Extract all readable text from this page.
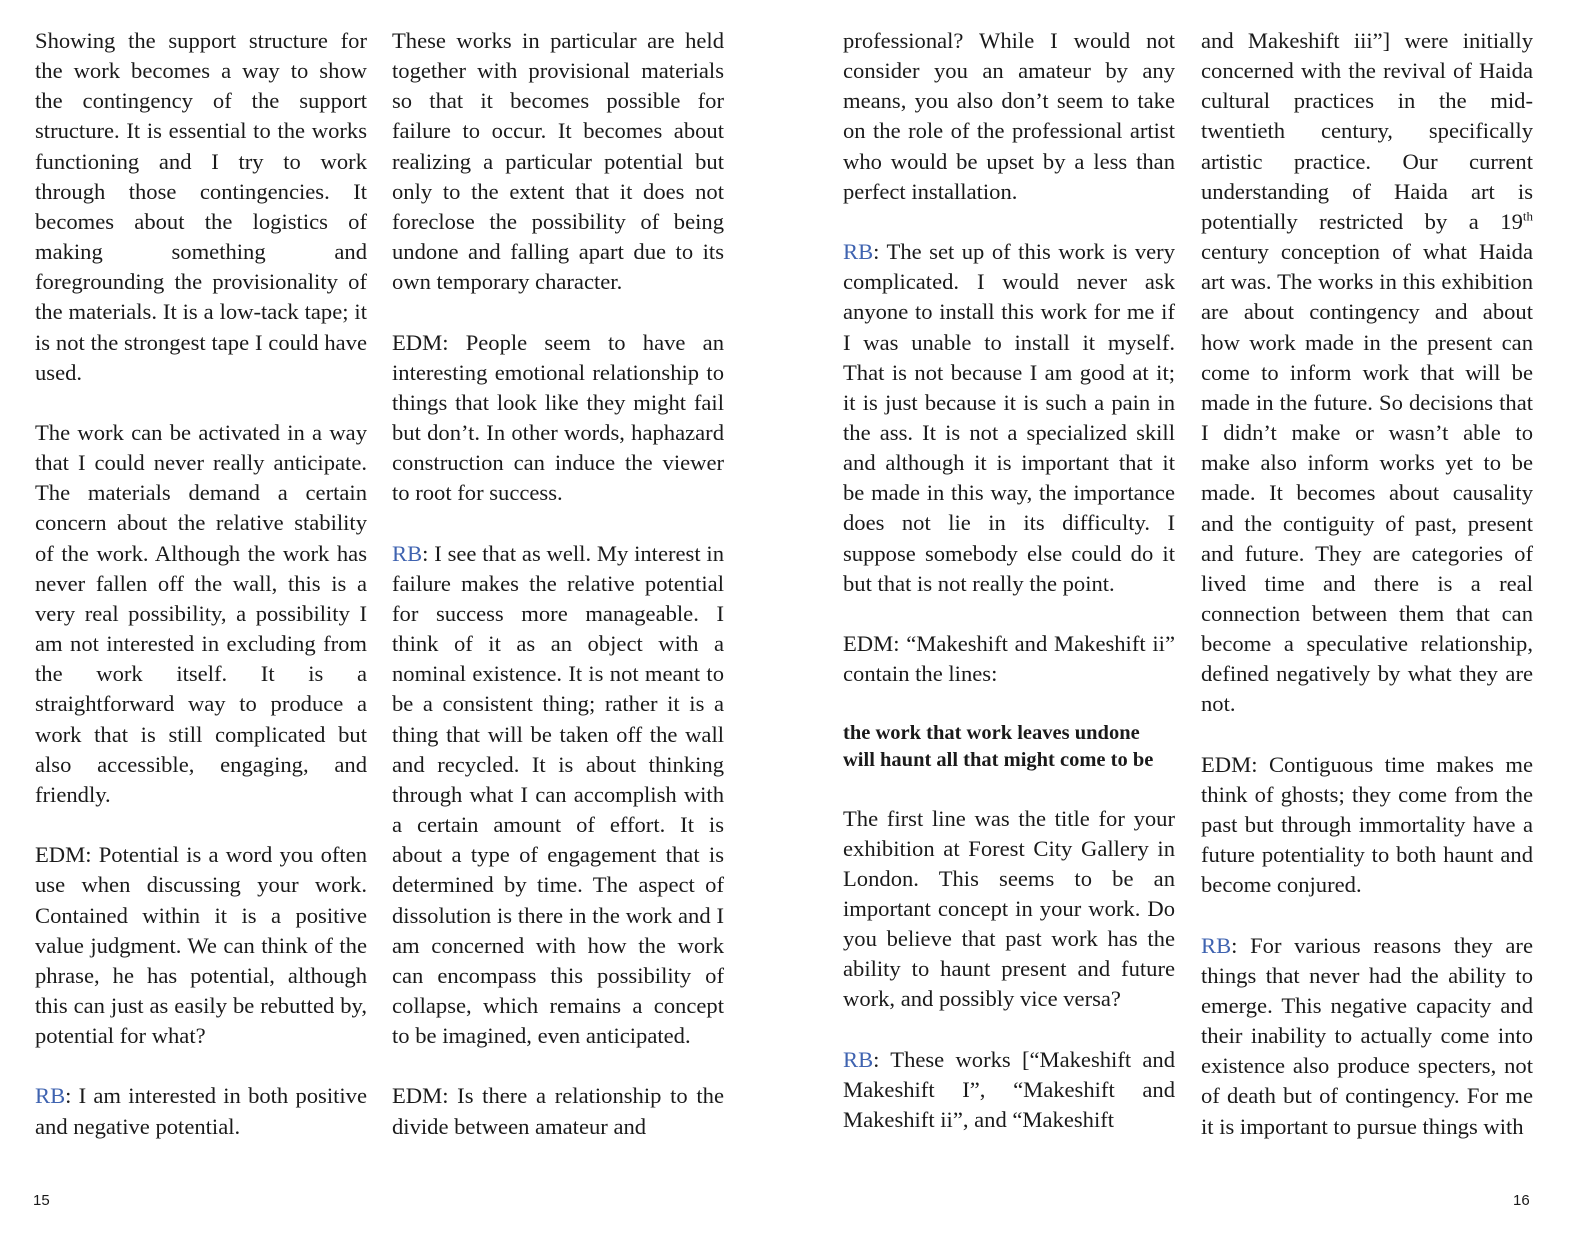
Showing the support structure for the work becomes a way to show the contingency of the support structure. It is essential to the works functioning and I try to work through those contingencies. It becomes about the logistics of making something and foregrounding the provisionality of the materials. It is a low-tack tape; it is not the strongest tape I could have used.

The work can be activated in a way that I could never really anticipate. The materials demand a certain concern about the relative stability of the work. Although the work has never fallen off the wall, this is a very real possibility, a possibility I am not interested in excluding from the work itself. It is a straightforward way to produce a work that is still complicated but also accessible, engaging, and friendly.

EDM: Potential is a word you often use when discussing your work. Contained within it is a positive value judgment. We can think of the phrase, he has potential, although this can just as easily be rebutted by, potential for what?

RB: I am interested in both positive and negative potential.

These works in particular are held together with provisional materials so that it becomes possible for failure to occur. It becomes about realizing a particular potential but only to the extent that it does not foreclose the possibility of being undone and falling apart due to its own temporary character.

EDM: People seem to have an interesting emotional relationship to things that look like they might fail but don’t. In other words, haphazard construction can induce the viewer to root for success.

RB: I see that as well. My interest in failure makes the relative potential for success more manageable. I think of it as an object with a nominal existence. It is not meant to be a consistent thing; rather it is a thing that will be taken off the wall and recycled. It is about thinking through what I can accomplish with a certain amount of effort. It is about a type of engagement that is determined by time. The aspect of dissolution is there in the work and I am concerned with how the work can encompass this possibility of collapse, which remains a concept to be imagined, even anticipated.

EDM: Is there a relationship to the divide between amateur and

professional? While I would not consider you an amateur by any means, you also don’t seem to take on the role of the professional artist who would be upset by a less than perfect installation.

RB: The set up of this work is very complicated. I would never ask anyone to install this work for me if I was unable to install it myself. That is not because I am good at it; it is just because it is such a pain in the ass. It is not a specialized skill and although it is important that it be made in this way, the importance does not lie in its difficulty. I suppose somebody else could do it but that is not really the point.

EDM: “Makeshift and Makeshift ii” contain the lines:

the work that work leaves undone
will haunt all that might come to be

The first line was the title for your exhibition at Forest City Gallery in London. This seems to be an important concept in your work. Do you believe that past work has the ability to haunt present and future work, and possibly vice versa?

RB: These works [“Makeshift and Makeshift I”, “Makeshift and Makeshift ii”, and “Makeshift

and Makeshift iii”] were initially concerned with the revival of Haida cultural practices in the mid-twentieth century, specifically artistic practice. Our current understanding of Haida art is potentially restricted by a 19th century conception of what Haida art was. The works in this exhibition are about contingency and about how work made in the present can come to inform work that will be made in the future. So decisions that I didn’t make or wasn’t able to make also inform works yet to be made. It becomes about causality and the contiguity of past, present and future. They are categories of lived time and there is a real connection between them that can become a speculative relationship, defined negatively by what they are not.

EDM: Contiguous time makes me think of ghosts; they come from the past but through immortality have a future potentiality to both haunt and become conjured.

RB: For various reasons they are things that never had the ability to emerge. This negative capacity and their inability to actually come into existence also produce specters, not of death but of contingency. For me it is important to pursue things with

15	16
